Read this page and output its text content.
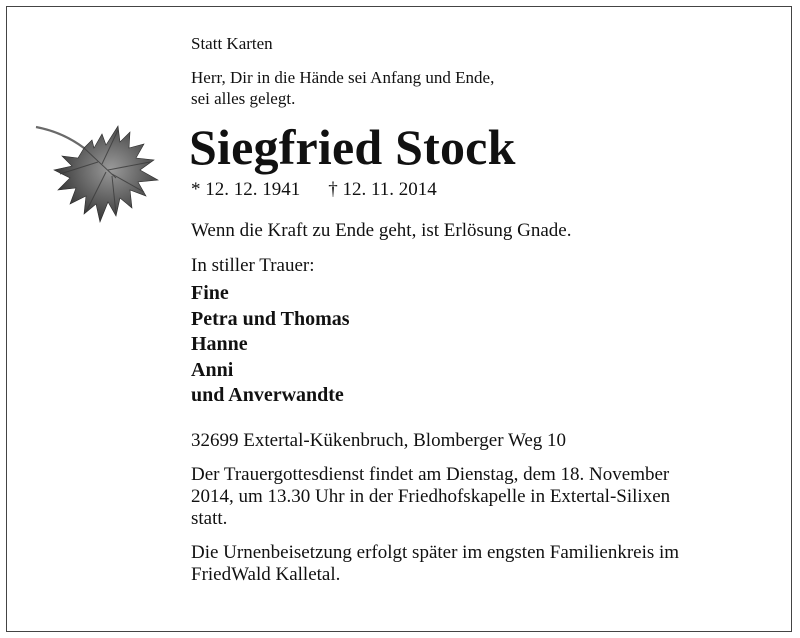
Statt Karten
Herr, Dir in die Hände sei Anfang und Ende,
sei alles gelegt.
Siegfried Stock
* 12. 12. 1941 † 12. 11. 2014
Wenn die Kraft zu Ende geht, ist Erlösung Gnade.
In stiller Trauer:
Fine
Petra und Thomas
Hanne
Anni
und Anverwandte
32699 Extertal-Kükenbruch, Blomberger Weg 10
Der Trauergottesdienst findet am Dienstag, dem 18. November
2014, um 13.30 Uhr in der Friedhofskapelle in Extertal-Silixen
statt.
Die Urnenbeisetzung erfolgt später im engsten Familienkreis im
FriedWald Kalletal.
